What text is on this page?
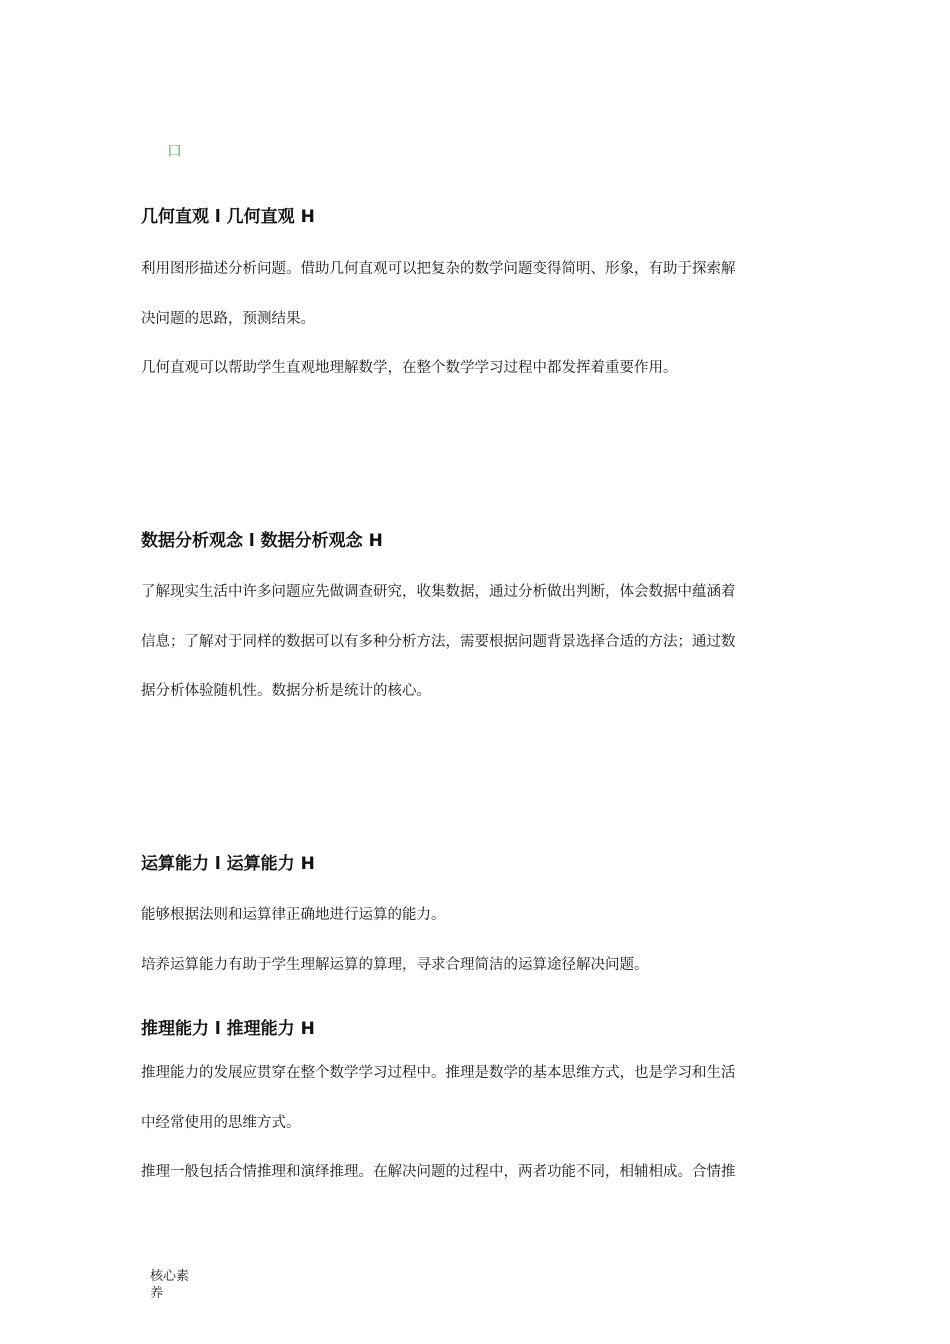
口
几何直观 l 几何直观 H
利用图形描述分析问题。借助几何直观可以把复杂的数学问题变得简明、形象，有助于探索解
决问题的思路，预测结果。
几何直观可以帮助学生直观地理解数学，在整个数学学习过程中都发挥着重要作用。
数据分析观念 l 数据分析观念 H
了解现实生活中许多问题应先做调查研究，收集数据，通过分析做出判断，体会数据中蕴涵着
信息；了解对于同样的数据可以有多种分析方法，需要根据问题背景选择合适的方法；通过数
据分析体验随机性。数据分析是统计的核心。
运算能力 l 运算能力 H
能够根据法则和运算律正确地进行运算的能力。
培养运算能力有助于学生理解运算的算理，寻求合理简洁的运算途径解决问题。
推理能力 l 推理能力 H
推理能力的发展应贯穿在整个数学学习过程中。推理是数学的基本思维方式，也是学习和生活
中经常使用的思维方式。
推理一般包括合情推理和演绎推理。在解决问题的过程中，两者功能不同，相辅相成。合情推
核心素
养
